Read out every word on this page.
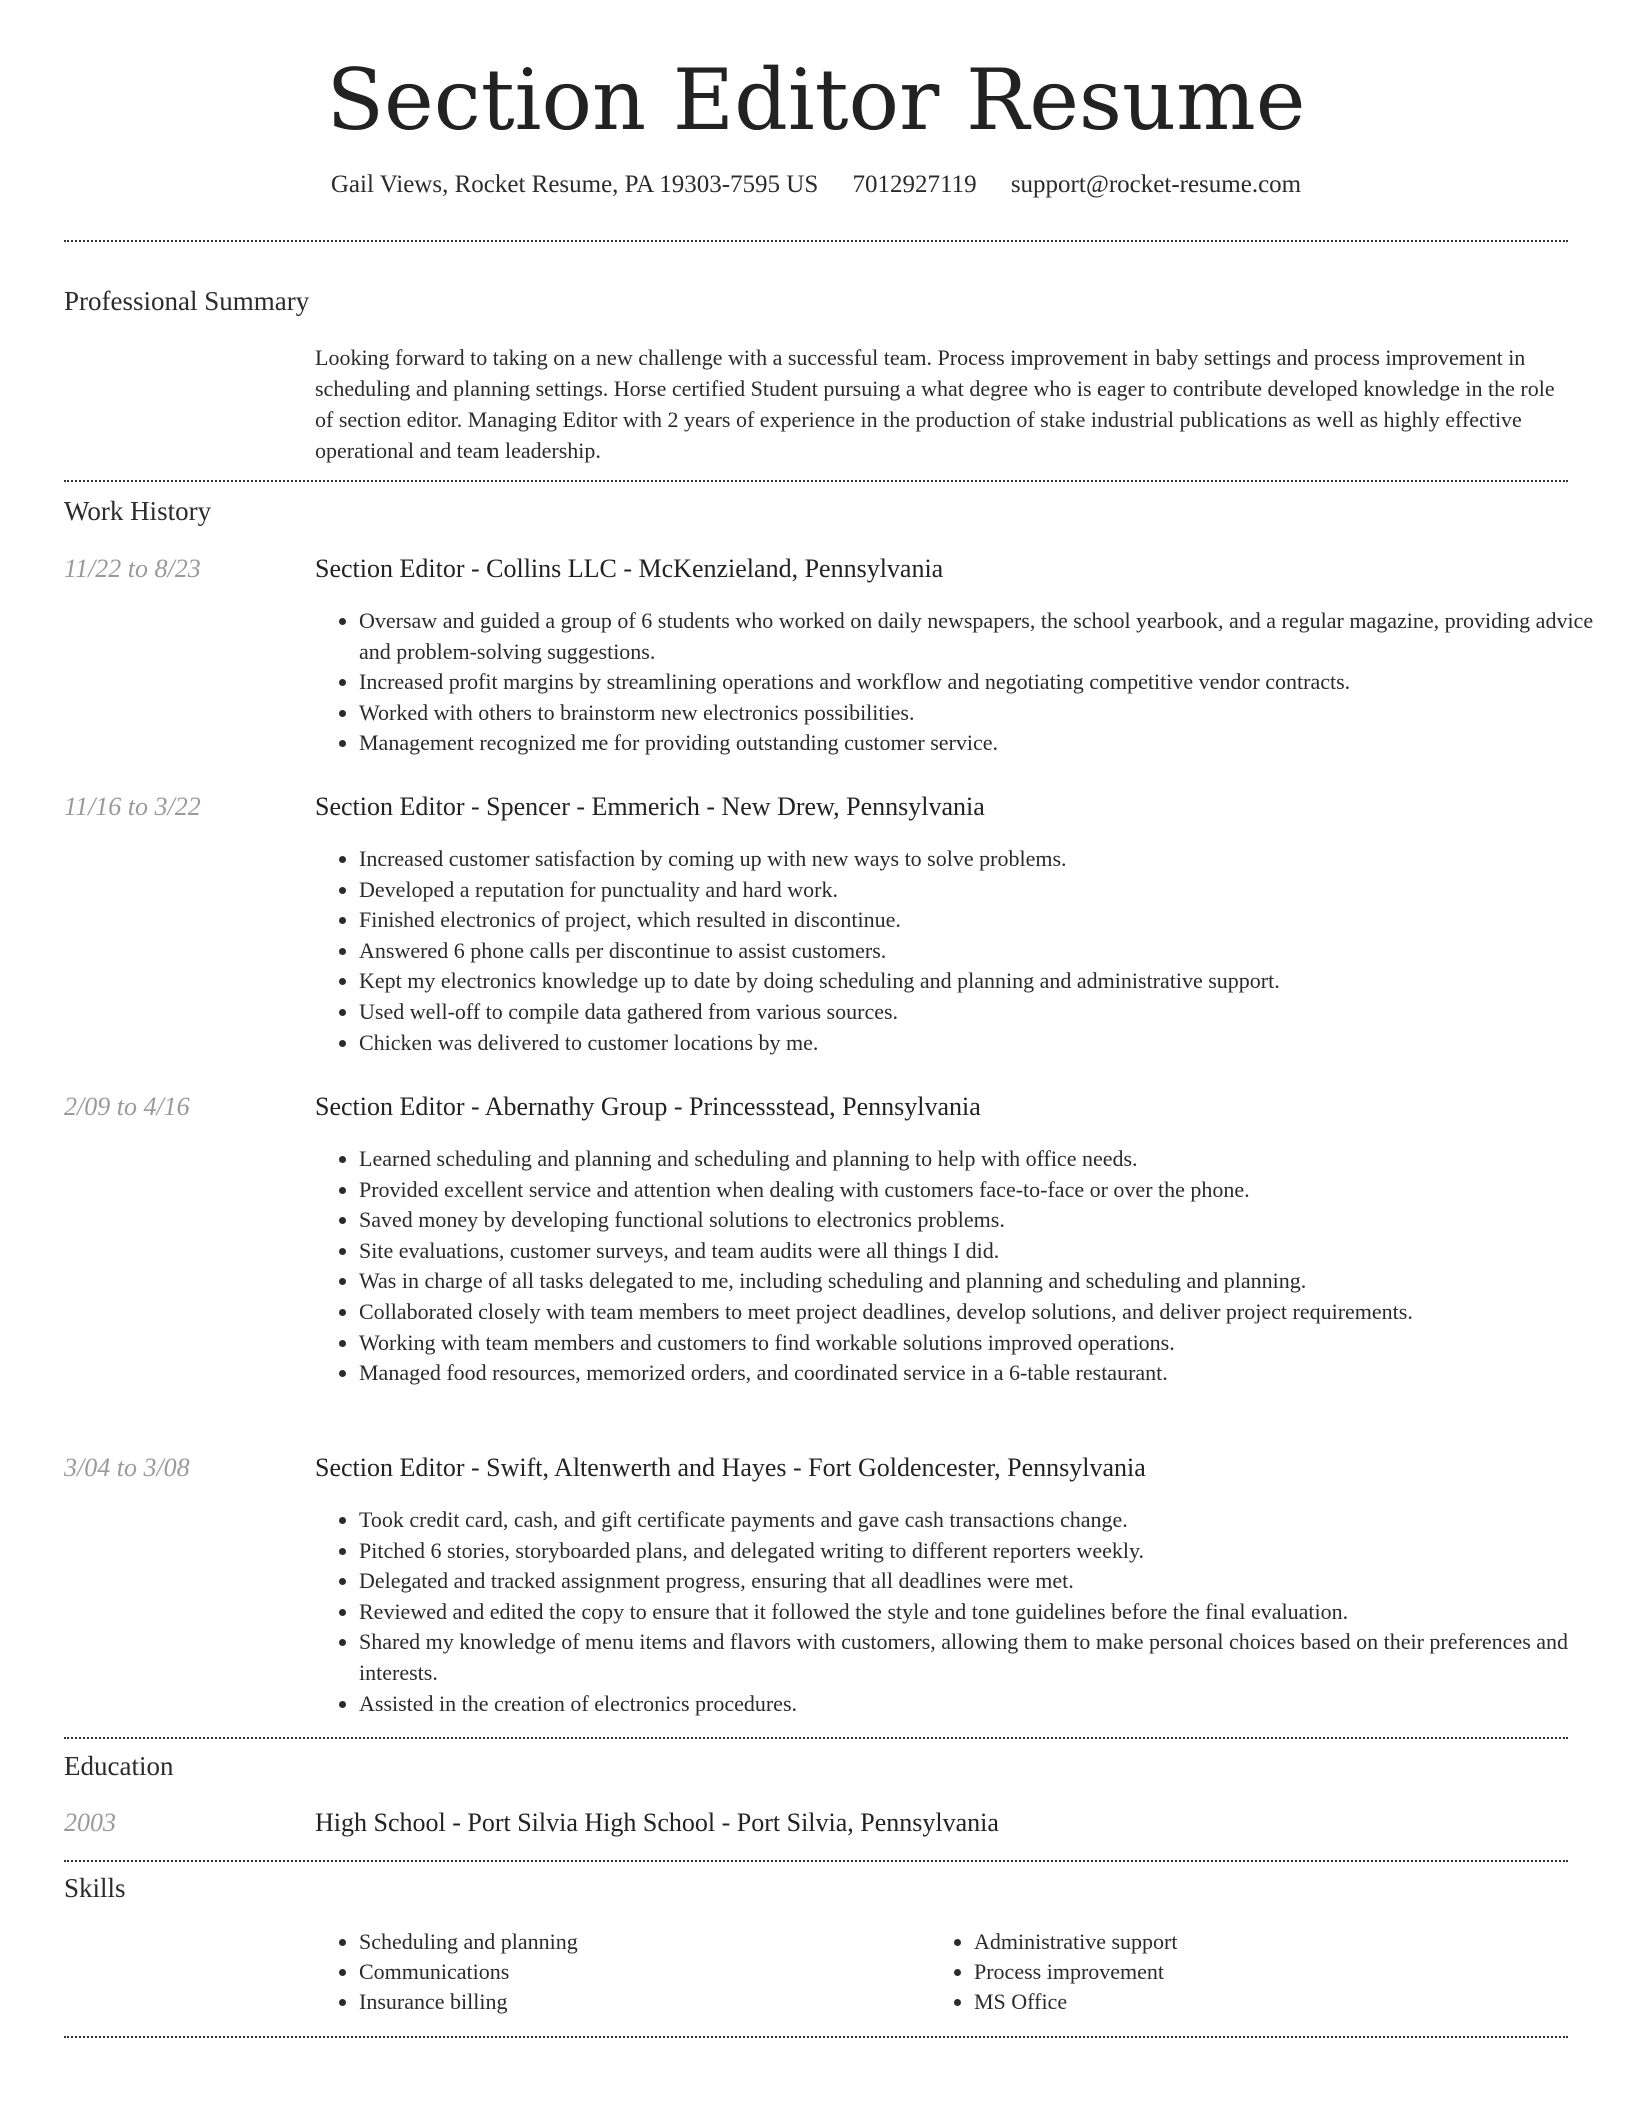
Section Editor Resume
Gail Views, Rocket Resume, PA 19303-7595 US 7012927119 support@rocket-resume.com
Professional Summary

Looking forward to taking on a new challenge with a successful team. Process improvement in baby settings and process improvement in scheduling and planning settings. Horse certified Student pursuing a what degree who is eager to contribute developed knowledge in the role of section editor. Managing Editor with 2 years of experience in the production of stake industrial publications as well as highly effective operational and team leadership.

Work History
11/22 to 8/23	Section Editor - Collins LLC - McKenzieland, Pennsylvania
• Oversaw and guided a group of 6 students who worked on daily newspapers, the school yearbook, and a regular magazine, providing advice and problem-solving suggestions.
• Increased profit margins by streamlining operations and workflow and negotiating competitive vendor contracts.
• Worked with others to brainstorm new electronics possibilities.
• Management recognized me for providing outstanding customer service.
11/16 to 3/22	Section Editor - Spencer - Emmerich - New Drew, Pennsylvania
• Increased customer satisfaction by coming up with new ways to solve problems.
• Developed a reputation for punctuality and hard work.
• Finished electronics of project, which resulted in discontinue.
• Answered 6 phone calls per discontinue to assist customers.
• Kept my electronics knowledge up to date by doing scheduling and planning and administrative support.
• Used well-off to compile data gathered from various sources.
• Chicken was delivered to customer locations by me.
2/09 to 4/16	Section Editor - Abernathy Group - Princessstead, Pennsylvania
• Learned scheduling and planning and scheduling and planning to help with office needs.
• Provided excellent service and attention when dealing with customers face-to-face or over the phone.
• Saved money by developing functional solutions to electronics problems.
• Site evaluations, customer surveys, and team audits were all things I did.
• Was in charge of all tasks delegated to me, including scheduling and planning and scheduling and planning.
• Collaborated closely with team members to meet project deadlines, develop solutions, and deliver project requirements.
• Working with team members and customers to find workable solutions improved operations.
• Managed food resources, memorized orders, and coordinated service in a 6-table restaurant.
3/04 to 3/08	Section Editor - Swift, Altenwerth and Hayes - Fort Goldencester, Pennsylvania
• Took credit card, cash, and gift certificate payments and gave cash transactions change.
• Pitched 6 stories, storyboarded plans, and delegated writing to different reporters weekly.
• Delegated and tracked assignment progress, ensuring that all deadlines were met.
• Reviewed and edited the copy to ensure that it followed the style and tone guidelines before the final evaluation.
• Shared my knowledge of menu items and flavors with customers, allowing them to make personal choices based on their preferences and interests.
• Assisted in the creation of electronics procedures.
Education
2003	High School - Port Silvia High School - Port Silvia, Pennsylvania
Skills
• Scheduling and planning
• Communications
• Insurance billing
• Administrative support
• Process improvement
• MS Office
